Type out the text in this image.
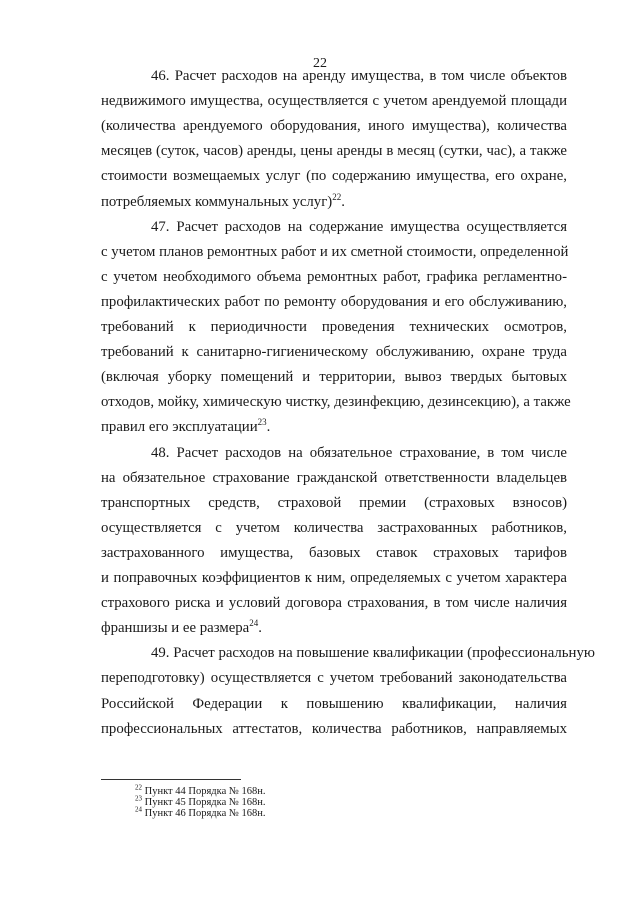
22
46. Расчет расходов на аренду имущества, в том числе объектов
недвижимого имущества, осуществляется с учетом арендуемой площади
(количества арендуемого оборудования, иного имущества), количества
месяцев (суток, часов) аренды, цены аренды в месяц (сутки, час), а также
стоимости возмещаемых услуг (по содержанию имущества, его охране,
потребляемых коммунальных услуг)$^{22}$.
47. Расчет расходов на содержание имущества осуществляется
с учетом планов ремонтных работ и их сметной стоимости, определенной
с учетом необходимого объема ремонтных работ, графика регламентно-
профилактических работ по ремонту оборудования и его обслуживанию,
требований к периодичности проведения технических осмотров,
требований к санитарно-гигиеническому обслуживанию, охране труда
(включая уборку помещений и территории, вывоз твердых бытовых
отходов, мойку, химическую чистку, дезинфекцию, дезинсекцию), а также
правил его эксплуатации$^{23}$.
48. Расчет расходов на обязательное страхование, в том числе
на обязательное страхование гражданской ответственности владельцев
транспортных средств, страховой премии (страховых взносов)
осуществляется с учетом количества застрахованных работников,
застрахованного имущества, базовых ставок страховых тарифов
и поправочных коэффициентов к ним, определяемых с учетом характера
страхового риска и условий договора страхования, в том числе наличия
франшизы и ее размера$^{24}$.
49. Расчет расходов на повышение квалификации (профессиональную
переподготовку) осуществляется с учетом требований законодательства
Российской Федерации к повышению квалификации, наличия
профессиональных аттестатов, количества работников, направляемых
$^{22}$ Пункт 44 Порядка № 168н.
$^{23}$ Пункт 45 Порядка № 168н.
$^{24}$ Пункт 46 Порядка № 168н.
